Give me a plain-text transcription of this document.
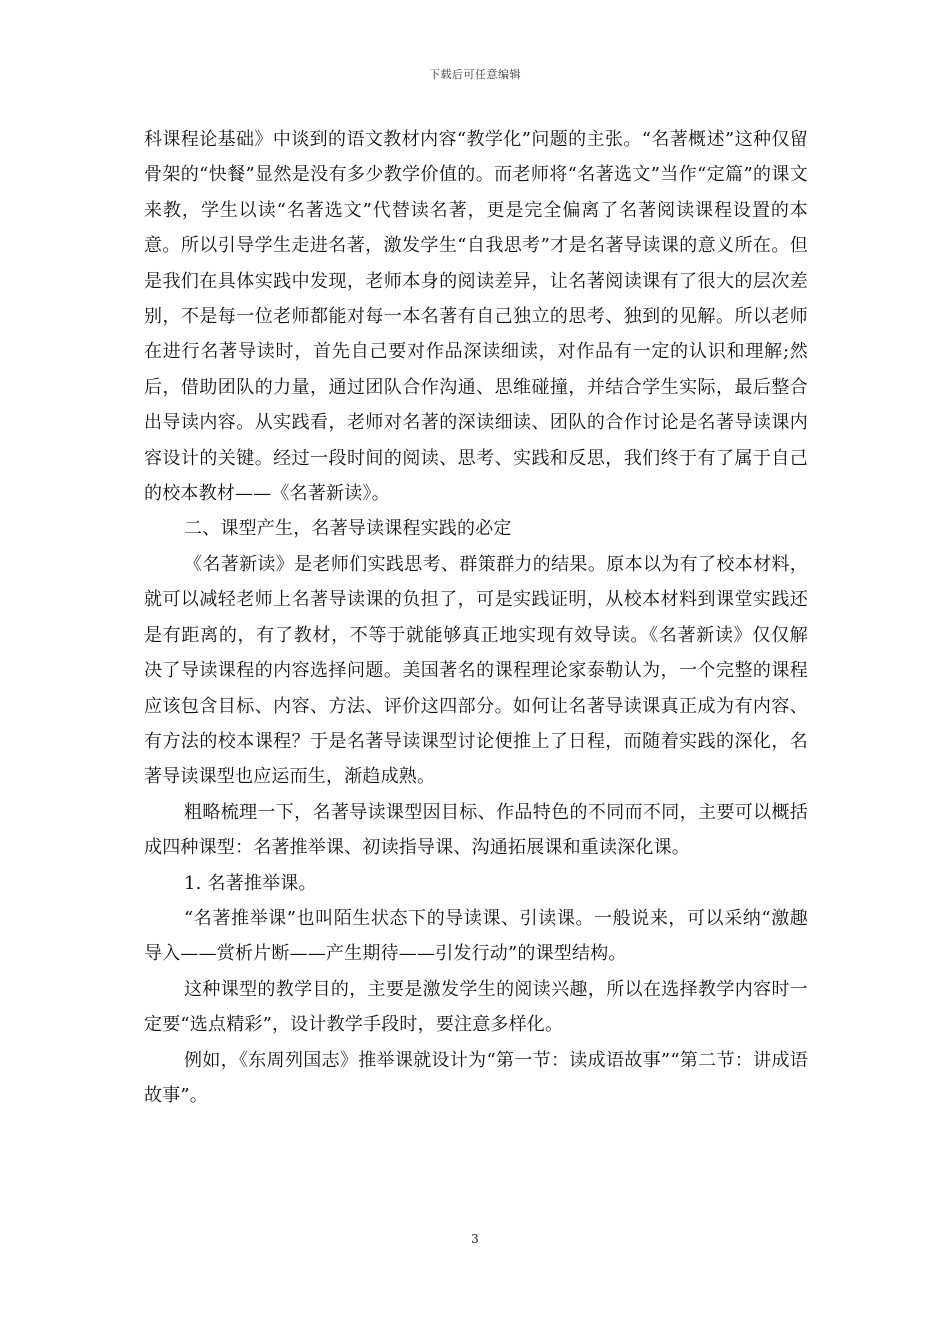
下载后可任意编辑

科课程论基础》中谈到的语文教材内容“教学化”问题的主张。“名著概述”这种仅留骨架的“快餐”显然是没有多少教学价值的。而老师将“名著选文”当作“定篇”的课文来教，学生以读“名著选文”代替读名著，更是完全偏离了名著阅读课程设置的本意。所以引导学生走进名著，激发学生“自我思考”才是名著导读课的意义所在。但是我们在具体实践中发现，老师本身的阅读差异，让名著阅读课有了很大的层次差别，不是每一位老师都能对每一本名著有自己独立的思考、独到的见解。所以老师在进行名著导读时，首先自己要对作品深读细读，对作品有一定的认识和理解;然后，借助团队的力量，通过团队合作沟通、思维碰撞，并结合学生实际，最后整合出导读内容。从实践看，老师对名著的深读细读、团队的合作讨论是名著导读课内容设计的关键。经过一段时间的阅读、思考、实践和反思，我们终于有了属于自己的校本教材——《名著新读》。

二、课型产生，名著导读课程实践的必定

《名著新读》是老师们实践思考、群策群力的结果。原本以为有了校本材料，就可以减轻老师上名著导读课的负担了，可是实践证明，从校本材料到课堂实践还是有距离的，有了教材，不等于就能够真正地实现有效导读。《名著新读》仅仅解决了导读课程的内容选择问题。美国著名的课程理论家泰勒认为，一个完整的课程应该包含目标、内容、方法、评价这四部分。如何让名著导读课真正成为有内容、有方法的校本课程？于是名著导读课型讨论便推上了日程，而随着实践的深化，名著导读课型也应运而生，渐趋成熟。

粗略梳理一下，名著导读课型因目标、作品特色的不同而不同，主要可以概括成四种课型：名著推举课、初读指导课、沟通拓展课和重读深化课。

1. 名著推举课。

“名著推举课”也叫陌生状态下的导读课、引读课。一般说来，可以采纳“激趣导入——赏析片断——产生期待——引发行动”的课型结构。

这种课型的教学目的，主要是激发学生的阅读兴趣，所以在选择教学内容时一定要“选点精彩”，设计教学手段时，要注意多样化。

例如，《东周列国志》推举课就设计为“第一节：读成语故事”“第二节：讲成语故事”。

3
